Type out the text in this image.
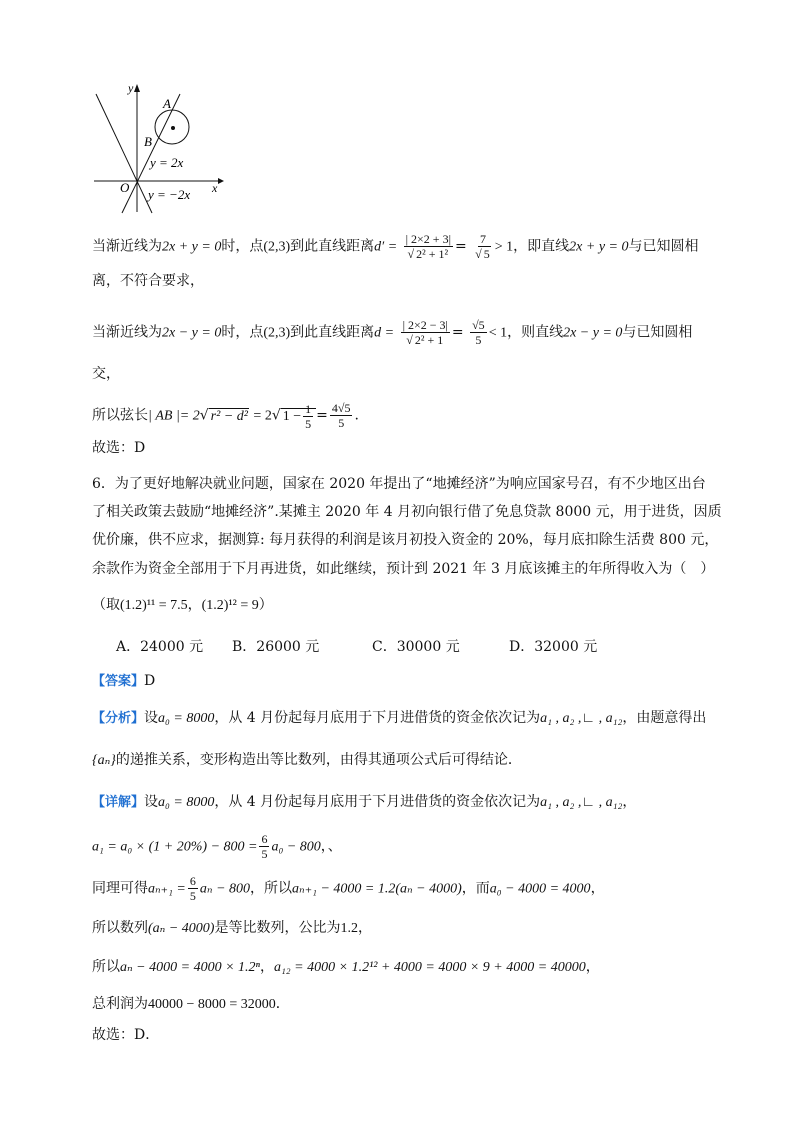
y
x
O
A
B
y = 2x
y = −2x
当渐近线为2x + y = 0时，点(2,3)到此直线距离$d' = \frac{| 2\times 2 + 3|}{\text{√ 2² + 1²}} = \frac{7}{√ 5} > 1$，即直线2x + y = 0与已知圆相
离，不符合要求，
当渐近线为2x − y = 0时，点(2,3)到此直线距离$d = \frac{| 2\times 2 - 3|}{\text{√ 2² + 1}} = \frac{√5}{5} < 1$，则直线2x − y = 0与已知圆相
交，
所以弦长| AB |= 2√ r² − d² = 2√ $1 - \frac{1}{5} = \frac{4√5}{5}$ .
故选：D
6．为了更好地解决就业问题，国家在 2020 年提出了“地摊经济”为响应国家号召，有不少地区出台
了相关政策去鼓励“地摊经济”.某摊主 2020 年 4 月初向银行借了免息贷款 8000 元，用于进货，因质
优价廉，供不应求，据测算: 每月获得的利润是该月初投入资金的 20%，每月底扣除生活费 800 元，
余款作为资金全部用于下月再进货，如此继续，预计到 2021 年 3 月底该摊主的年所得收入为（　）
（取(1.2)¹¹ = 7.5，(1.2)¹² = 9）
A．24000 元 B．26000 元	C．30000 元	D．32000 元
【答案】D
【分析】设a₀ = 8000，从 4 月份起每月底用于下月进借货的资金依次记为a₁ , a₂ ,∟ , a₁₂，由题意得出
{aₙ}的递推关系，变形构造出等比数列，由得其通项公式后可得结论．
【详解】设a₀ = 8000，从 4 月份起每月底用于下月进借货的资金依次记为a₁ , a₂ ,∟ , a₁₂，
$a_1 = a_0 \times (1 + 20\%) - 800 = \frac{6}{5} a_0 - 800$，、
同理可得$a_{n+1} = \frac{6}{5}$ aₙ − 800，所以aₙ₊₁ − 4000 = 1.2(aₙ − 4000)，而a₀ − 4000 = 4000，
所以数列(aₙ − 4000)是等比数列，公比为1.2，
所以aₙ − 4000 = 4000 × 1.2ⁿ，a₁₂ = 4000 × 1.2¹² + 4000 = 4000 × 9 + 4000 = 40000，
总利润为40000 − 8000 = 32000．
故选：D．
